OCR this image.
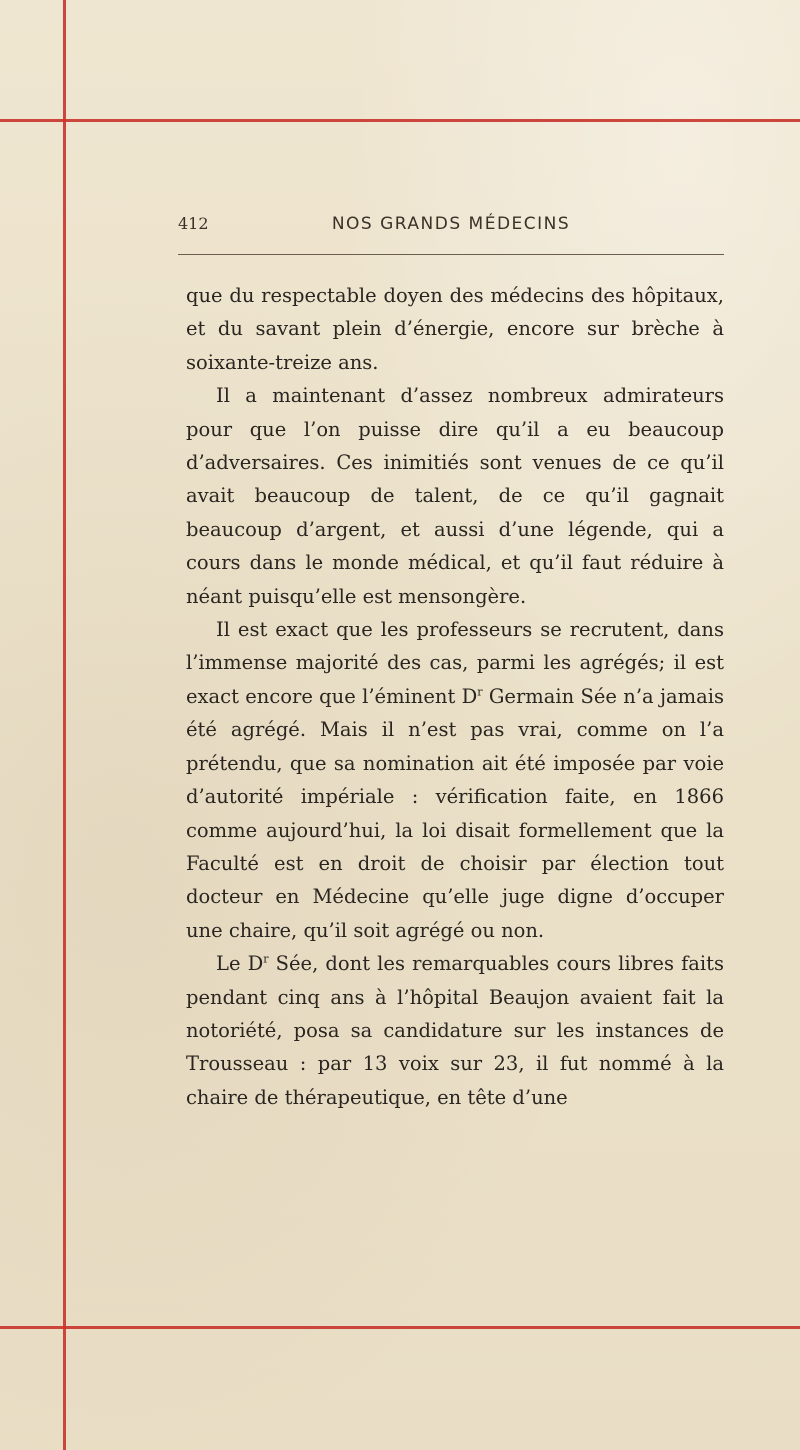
412	NOS GRANDS MÉDECINS

que du respectable doyen des médecins des hôpitaux, et du savant plein d’énergie, encore sur brèche à soixante-treize ans.

Il a maintenant d’assez nombreux admirateurs pour que l’on puisse dire qu’il a eu beaucoup d’adversaires. Ces inimitiés sont venues de ce qu’il avait beaucoup de talent, de ce qu’il gagnait beaucoup d’argent, et aussi d’une légende, qui a cours dans le monde médical, et qu’il faut réduire à néant puisqu’elle est mensongère.

Il est exact que les professeurs se recrutent, dans l’immense majorité des cas, parmi les agrégés; il est exact encore que l’éminent $D^r$ Germain Sée n’a jamais été agrégé. Mais il n’est pas vrai, comme on l’a prétendu, que sa nomination ait été imposée par voie d’autorité impériale : vérification faite, en 1866 comme aujourd’hui, la loi disait formellement que la Faculté est en droit de choisir par élection tout docteur en Médecine qu’elle juge digne d’occuper une chaire, qu’il soit agrégé ou non.

Le $D^r$ Sée, dont les remarquables cours libres faits pendant cinq ans à l’hôpital Beaujon avaient fait la notoriété, posa sa candidature sur les instances de Trousseau : par 13 voix sur 23, il fut nommé à la chaire de thérapeutique, en tête d’une
